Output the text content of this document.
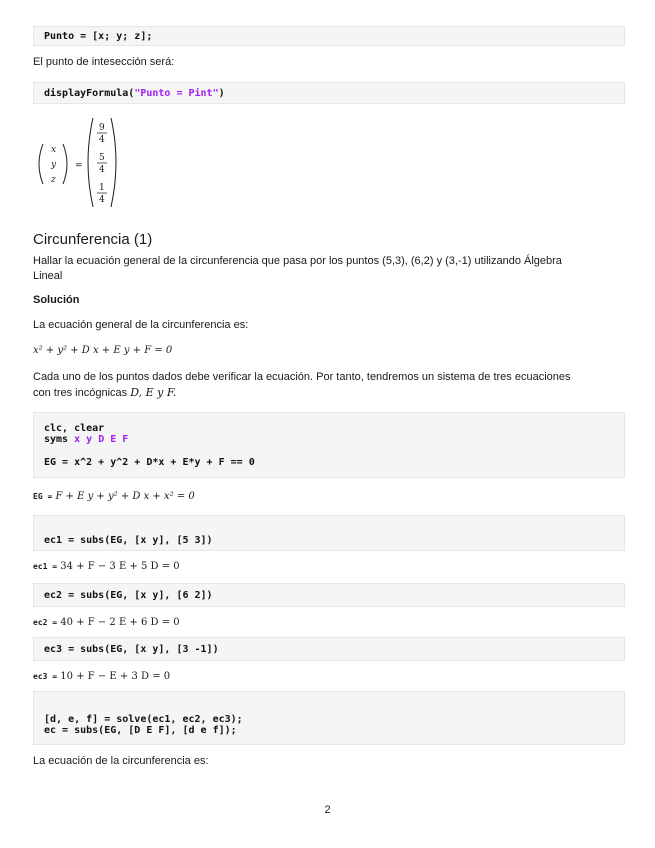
Punto = [x; y; z];
El punto de intesección será:
displayFormula("Punto = Pint")
x
y
z
=
9
4
5
4
1
4
Circunferencia (1)
Hallar la ecuación general de la circunferencia que pasa por los puntos (5,3), (6,2) y (3,-1) utilizando Álgebra
Lineal
Solución
La ecuación general de la circunferencia es:
x² + y² + D x + E y + F = 0
Cada uno de los puntos dados debe verificar la ecuación. Por tanto, tendremos un sistema de tres ecuaciones
con tres incógnicas D, E y F.
clc, clear
syms x y D E F
EG = x^2 + y^2 + D*x + E*y + F == 0
EG = F + E y + y² + D x + x² = 0
ec1 = subs(EG, [x y], [5 3])
ec1 = 34 + F − 3 E + 5 D = 0
ec2 = subs(EG, [x y], [6 2])
ec2 = 40 + F − 2 E + 6 D = 0
ec3 = subs(EG, [x y], [3 -1])
ec3 = 10 + F − E + 3 D = 0
[d, e, f] = solve(ec1, ec2, ec3);
ec = subs(EG, [D E F], [d e f]);
La ecuación de la circunferencia es:
2
